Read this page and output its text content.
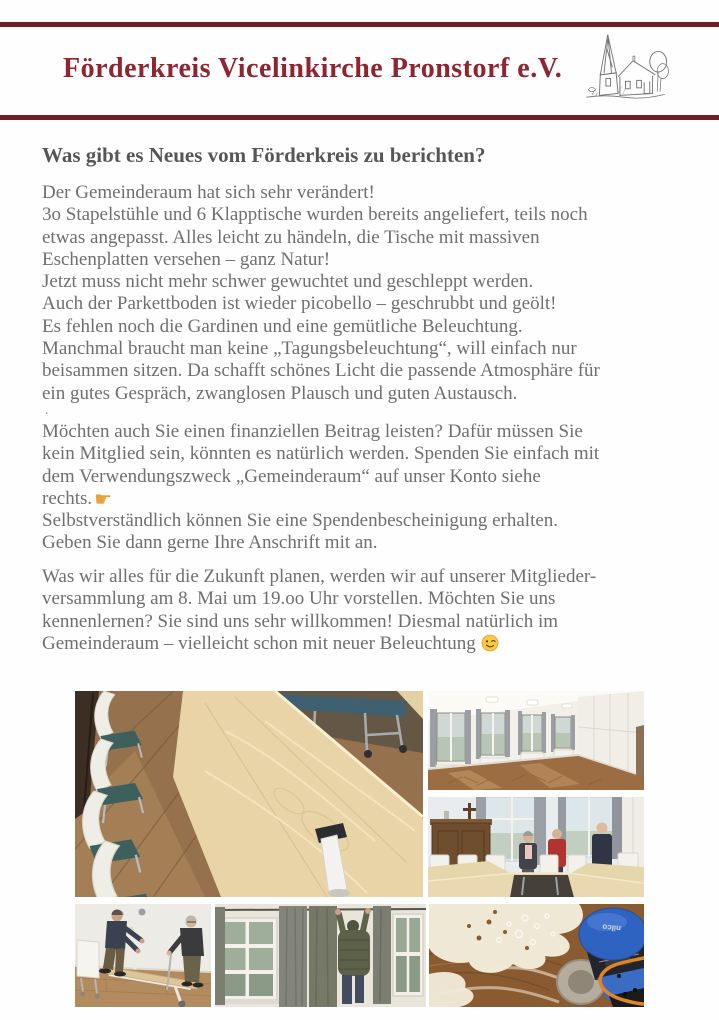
Förderkreis Vicelinkirche Pronstorf e.V.
Was gibt es Neues vom Förderkreis zu berichten?
Der Gemeinderaum hat sich sehr verändert!
3o Stapelstühle und 6 Klapptische wurden bereits angeliefert, teils noch
etwas angepasst. Alles leicht zu händeln, die Tische mit massiven
Eschenplatten versehen – ganz Natur!
Jetzt muss nicht mehr schwer gewuchtet und geschleppt werden.
Auch der Parkettboden ist wieder picobello – geschrubbt und geölt!
Es fehlen noch die Gardinen und eine gemütliche Beleuchtung.
Manchmal braucht man keine „Tagungsbeleuchtung“, will einfach nur
beisammen sitzen. Da schafft schönes Licht die passende Atmosphäre für
ein gutes Gespräch, zwanglosen Plausch und guten Austausch.
.
Möchten auch Sie einen finanziellen Beitrag leisten? Dafür müssen Sie
kein Mitglied sein, könnten es natürlich werden. Spenden Sie einfach mit
dem Verwendungszweck „Gemeinderaum“ auf unser Konto siehe
rechts. ☛
Selbstverständlich können Sie eine Spendenbescheinigung erhalten.
Geben Sie dann gerne Ihre Anschrift mit an.
Was wir alles für die Zukunft planen, werden wir auf unserer Mitglieder-
versammlung am 8. Mai um 19.oo Uhr vorstellen. Möchten Sie uns
kennenlernen? Sie sind uns sehr willkommen! Diesmal natürlich im
Gemeinderaum – vielleicht schon mit neuer Beleuchtung
nilco
